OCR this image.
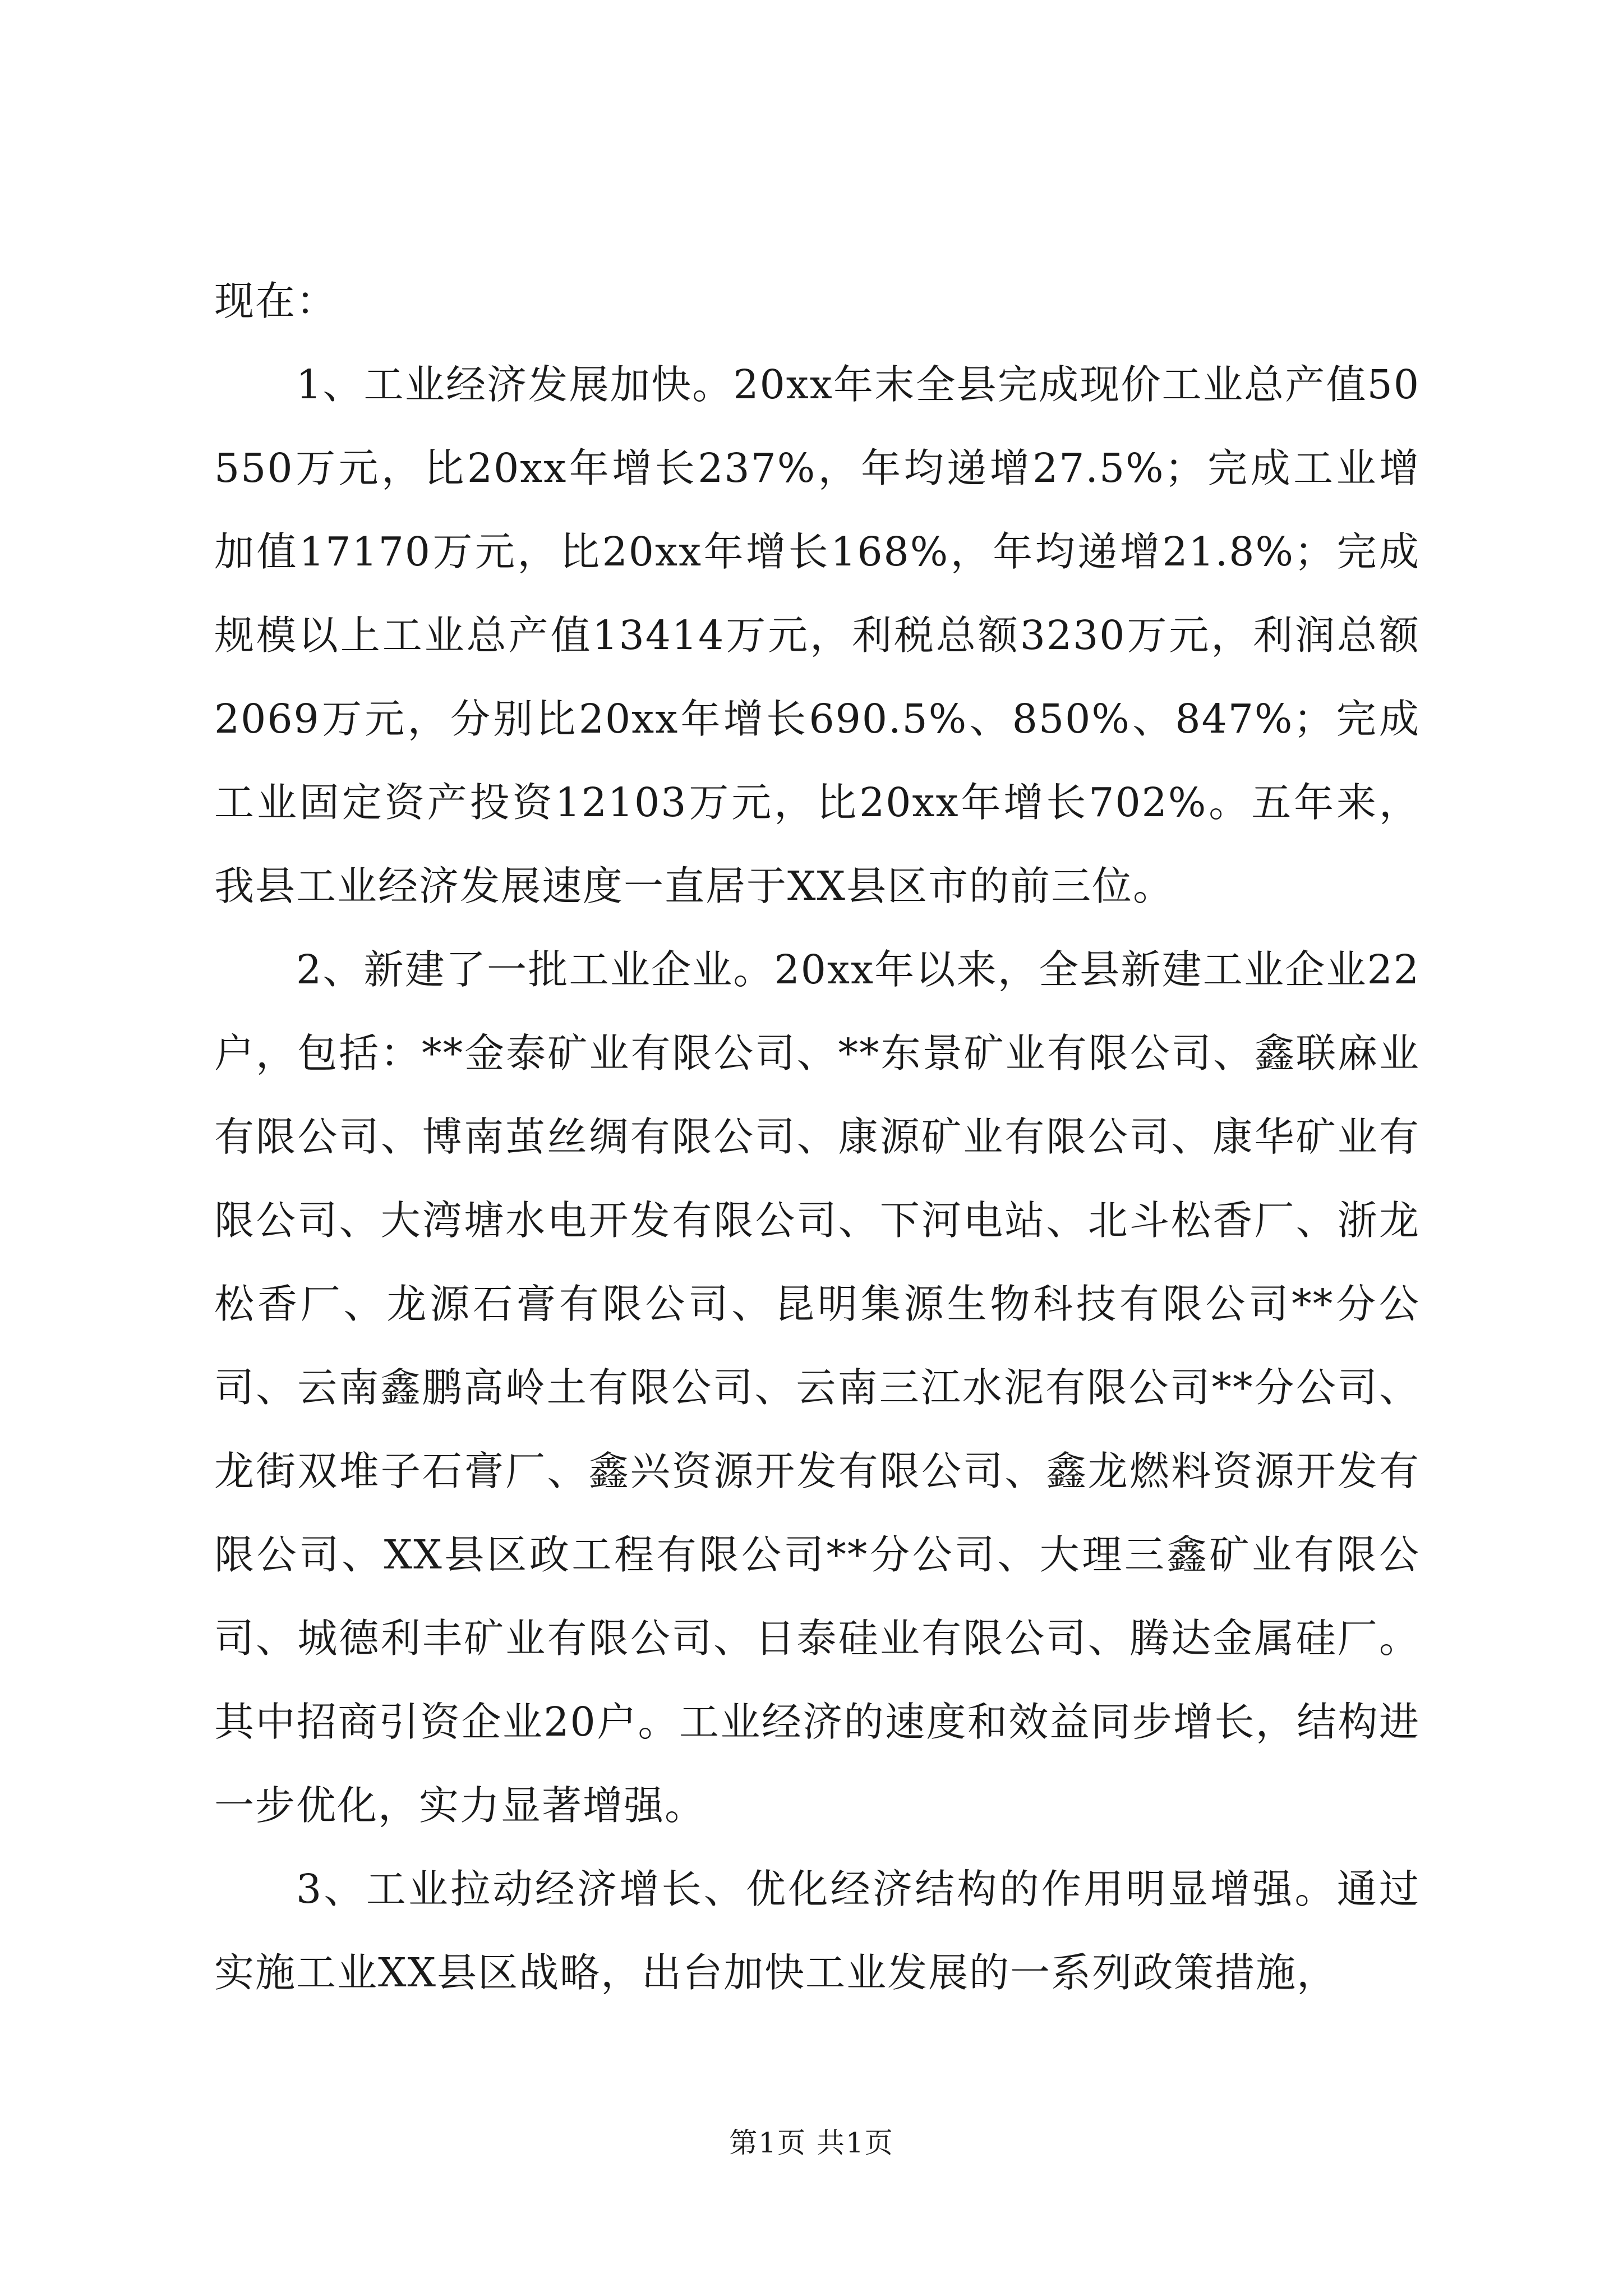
现在：

1、工业经济发展加快。20xx年末全县完成现价工业总产值50550万元，比20xx年增长237%，年均递增27.5%；完成工业增加值17170万元，比20xx年增长168%，年均递增21.8%；完成规模以上工业总产值13414万元，利税总额3230万元，利润总额2069万元，分别比20xx年增长690.5%、850%、847%；完成工业固定资产投资12103万元，比20xx年增长702%。五年来，我县工业经济发展速度一直居于XX县区市的前三位。

2、新建了一批工业企业。20xx年以来，全县新建工业企业22户，包括：**金泰矿业有限公司、**东景矿业有限公司、鑫联麻业有限公司、博南茧丝绸有限公司、康源矿业有限公司、康华矿业有限公司、大湾塘水电开发有限公司、下河电站、北斗松香厂、浙龙松香厂、龙源石膏有限公司、昆明集源生物科技有限公司**分公司、云南鑫鹏高岭土有限公司、云南三江水泥有限公司**分公司、龙街双堆子石膏厂、鑫兴资源开发有限公司、鑫龙燃料资源开发有限公司、XX县区政工程有限公司**分公司、大理三鑫矿业有限公司、城德利丰矿业有限公司、日泰硅业有限公司、腾达金属硅厂。其中招商引资企业20户。工业经济的速度和效益同步增长，结构进一步优化，实力显著增强。

3、工业拉动经济增长、优化经济结构的作用明显增强。通过实施工业XX县区战略，出台加快工业发展的一系列政策措施，

第1页 共1页
